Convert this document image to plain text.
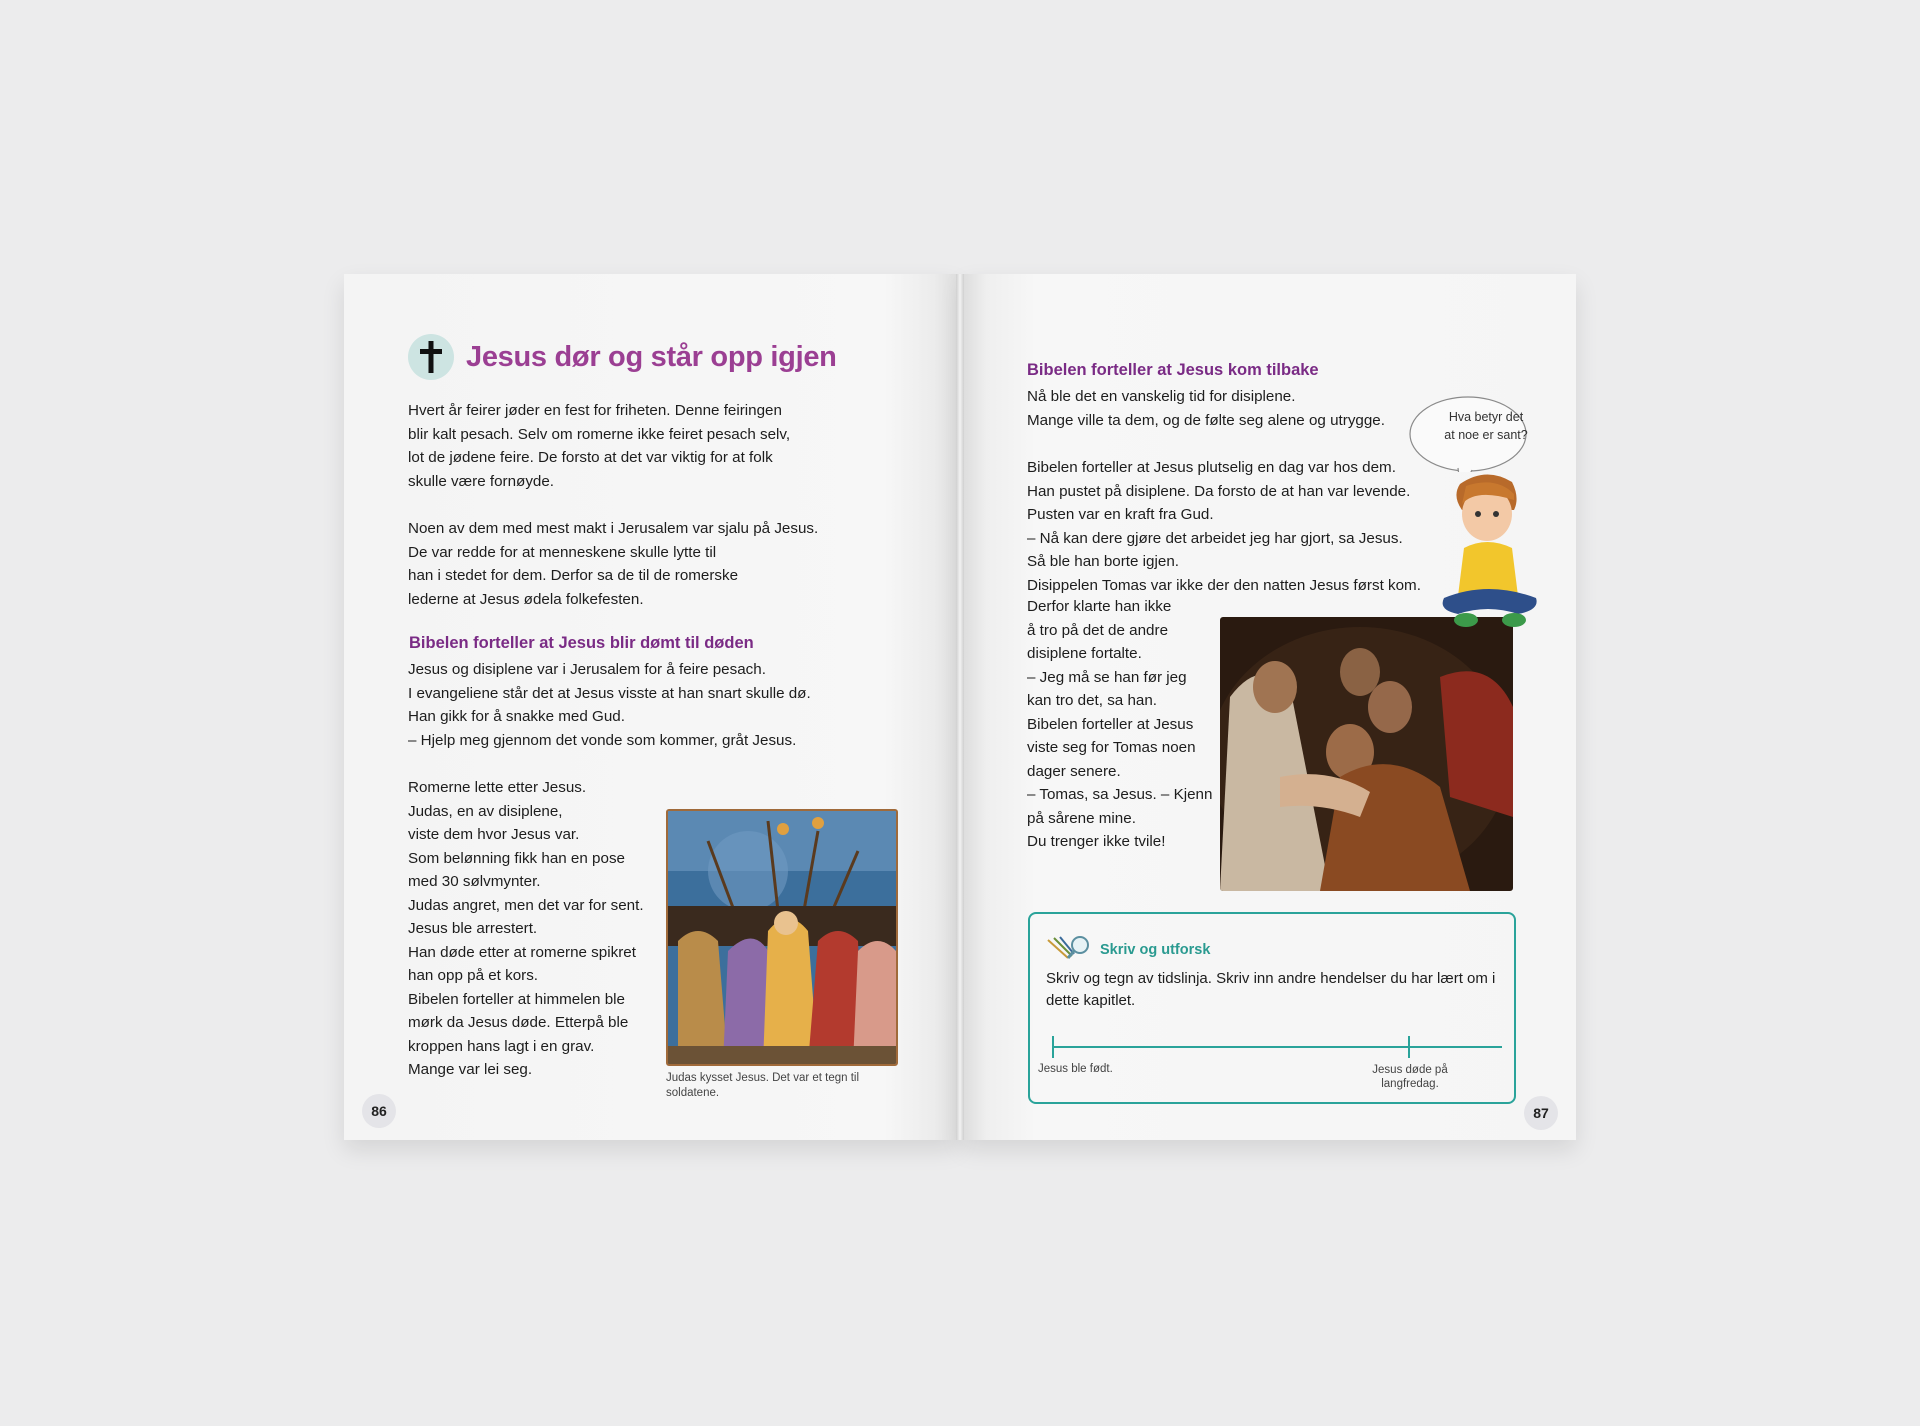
Jesus dør og står opp igjen
Hvert år feirer jøder en fest for friheten. Denne feiringen
blir kalt pesach. Selv om romerne ikke feiret pesach selv,
lot de jødene feire. De forsto at det var viktig for at folk
skulle være fornøyde.
Noen av dem med mest makt i Jerusalem var sjalu på Jesus.
De var redde for at menneskene skulle lytte til
han i stedet for dem. Derfor sa de til de romerske
lederne at Jesus ødela folkefesten.
Bibelen forteller at Jesus blir dømt til døden
Jesus og disiplene var i Jerusalem for å feire pesach.
I evangeliene står det at Jesus visste at han snart skulle dø.
Han gikk for å snakke med Gud.
– Hjelp meg gjennom det vonde som kommer, gråt Jesus.
Romerne lette etter Jesus.
Judas, en av disiplene,
viste dem hvor Jesus var.
Som belønning fikk han en pose
med 30 sølvmynter.
Judas angret, men det var for sent.
Jesus ble arrestert.
Han døde etter at romerne spikret
han opp på et kors.
Bibelen forteller at himmelen ble
mørk da Jesus døde. Etterpå ble
kroppen hans lagt i en grav.
Mange var lei seg.	Judas kysset Jesus. Det var et tegn til
soldatene.
86
Bibelen forteller at Jesus kom tilbake
Nå ble det en vanskelig tid for disiplene.
Mange ville ta dem, og de følte seg alene og utrygge.
Bibelen forteller at Jesus plutselig en dag var hos dem.
Han pustet på disiplene. Da forsto de at han var levende.
Pusten var en kraft fra Gud.
– Nå kan dere gjøre det arbeidet jeg har gjort, sa Jesus.
Så ble han borte igjen.
Disippelen Tomas var ikke der den natten Jesus først kom.
Derfor klarte han ikke
å tro på det de andre
disiplene fortalte.
– Jeg må se han før jeg
kan tro det, sa han.
Bibelen forteller at Jesus
viste seg for Tomas noen
dager senere.
– Tomas, sa Jesus. – Kjenn
på sårene mine.
Du trenger ikke tvile!
Hva betyr det
at noe er sant?
Skriv og utforsk
Skriv og tegn av tidslinja. Skriv inn andre hendelser du har lært om i dette kapitlet.
Jesus ble født.	Jesus døde på
langfredag.
87
